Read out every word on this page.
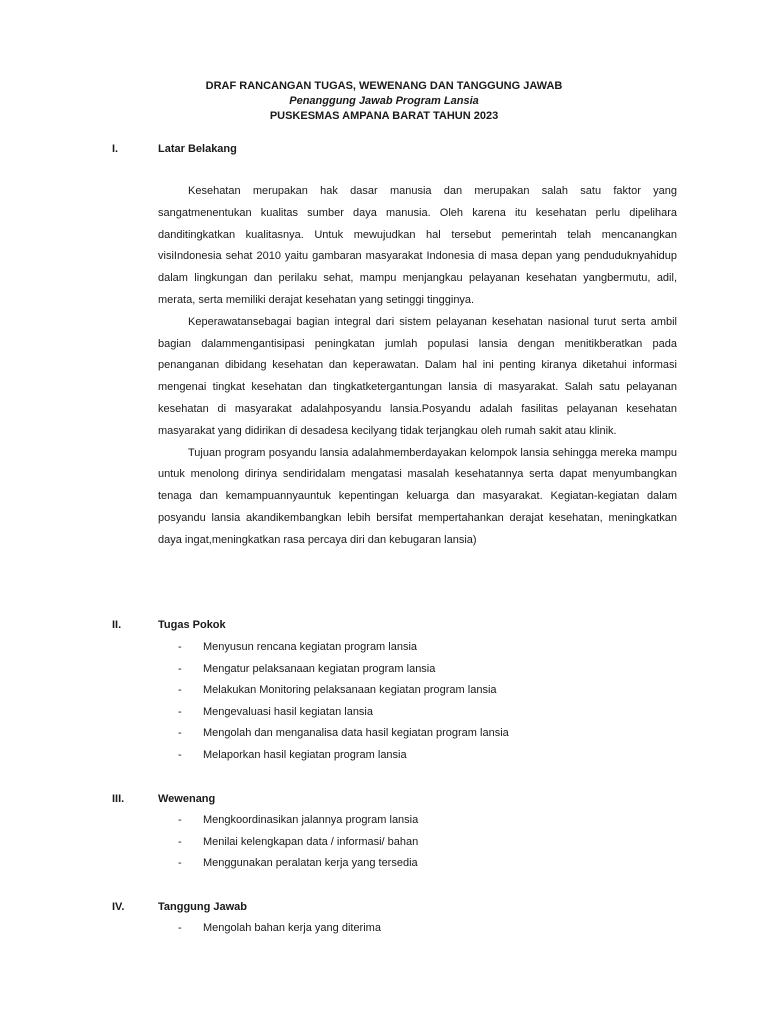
DRAF RANCANGAN TUGAS, WEWENANG DAN TANGGUNG JAWAB
Penanggung Jawab Program Lansia
PUSKESMAS AMPANA BARAT TAHUN 2023
I.	Latar Belakang

Kesehatan merupakan hak dasar manusia dan merupakan salah satu faktor yang sangatmenentukan kualitas sumber daya manusia. Oleh karena itu kesehatan perlu dipelihara danditingkatkan kualitasnya. Untuk mewujudkan hal tersebut pemerintah telah mencanangkan visiIndonesia sehat 2010 yaitu gambaran masyarakat Indonesia di masa depan yang penduduknyahidup dalam lingkungan dan perilaku sehat, mampu menjangkau pelayanan kesehatan yangbermutu, adil, merata, serta memiliki derajat kesehatan yang setinggi tingginya.

Keperawatansebagai bagian integral dari sistem pelayanan kesehatan nasional turut serta ambil bagian dalammengantisipasi peningkatan jumlah populasi lansia dengan menitikberatkan pada penanganan dibidang kesehatan dan keperawatan. Dalam hal ini penting kiranya diketahui informasi mengenai tingkat kesehatan dan tingkatketergantungan lansia di masyarakat. Salah satu pelayanan kesehatan di masyarakat adalahposyandu lansia.Posyandu adalah fasilitas pelayanan kesehatan masyarakat yang didirikan di desadesa kecilyang tidak terjangkau oleh rumah sakit atau klinik.

Tujuan program posyandu lansia adalahmemberdayakan kelompok lansia sehingga mereka mampu untuk menolong dirinya sendiridalam mengatasi masalah kesehatannya serta dapat menyumbangkan tenaga dan kemampuannyauntuk kepentingan keluarga dan masyarakat. Kegiatan-kegiatan dalam posyandu lansia akandikembangkan lebih bersifat mempertahankan derajat kesehatan, meningkatkan daya ingat,meningkatkan rasa percaya diri dan kebugaran lansia)

II.	Tugas Pokok
- Menyusun rencana kegiatan program lansia
- Mengatur pelaksanaan kegiatan program lansia
- Melakukan Monitoring pelaksanaan kegiatan program lansia
- Mengevaluasi hasil kegiatan lansia
- Mengolah dan menganalisa data hasil kegiatan program lansia
- Melaporkan hasil kegiatan program lansia
III.	Wewenang
- Mengkoordinasikan jalannya program lansia
- Menilai kelengkapan data / informasi/ bahan
- Menggunakan peralatan kerja yang tersedia
IV.	Tanggung Jawab
- Mengolah bahan kerja yang diterima
